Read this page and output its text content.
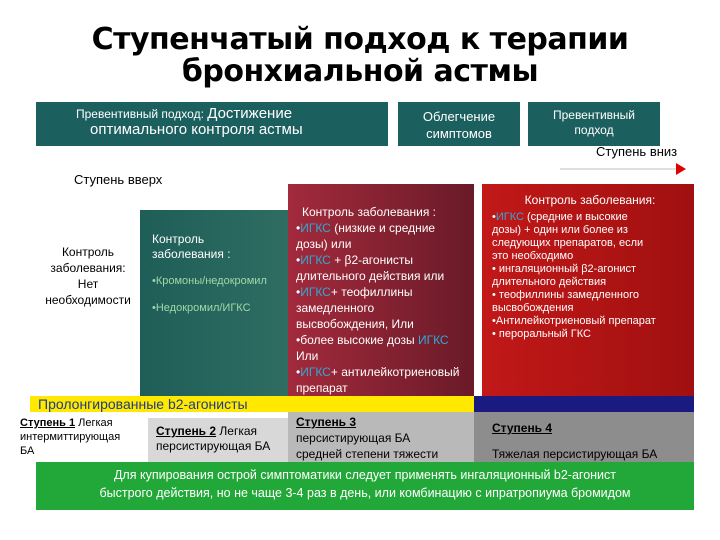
Ступенчатый подход к терапии
бронхиальной астмы
Превентивный подход: Достижение
оптимального контроля астмы
Облегчение
симптомов
Превентивный
подход
Ступень вниз
Ступень вверх
Контроль
заболевания:
Нет
необходимости
Контроль
заболевания :
•Кромоны/недокромил
•Недокромил/ИГКС
Контроль заболевания :
•ИГКС (низкие и средние
дозы) или
•ИГКС + β2-агонисты
длительного действия или
•ИГКС+ теофиллины
замедленного
высвобождения, Или
•более высокие дозы ИГКС
Или
•ИГКС+ антилейкотриеновый
препарат
Контроль заболевания:
•ИГКС (средние и высокие
дозы) + один или более из
следующих препаратов, если
это необходимо
• ингаляционный β2-агонист
длительного действия
• теофиллины замедленного
высвобождения
•Антилейкотриеновый препарат
• пероральный ГКС
Пролонгированные b2-агонисты
Ступень 1 Легкая
интермиттирующая
БА
Ступень 2 Легкая
персистирующая БА
Ступень 3
персистирующая БА
средней степени тяжести
Ступень 4
Тяжелая персистирующая БА
Для купирования острой симптоматики следует применять ингаляционный b2-агонист
быстрого действия, но не чаще 3-4 раз в день, или комбинацию с ипратропиума бромидом
